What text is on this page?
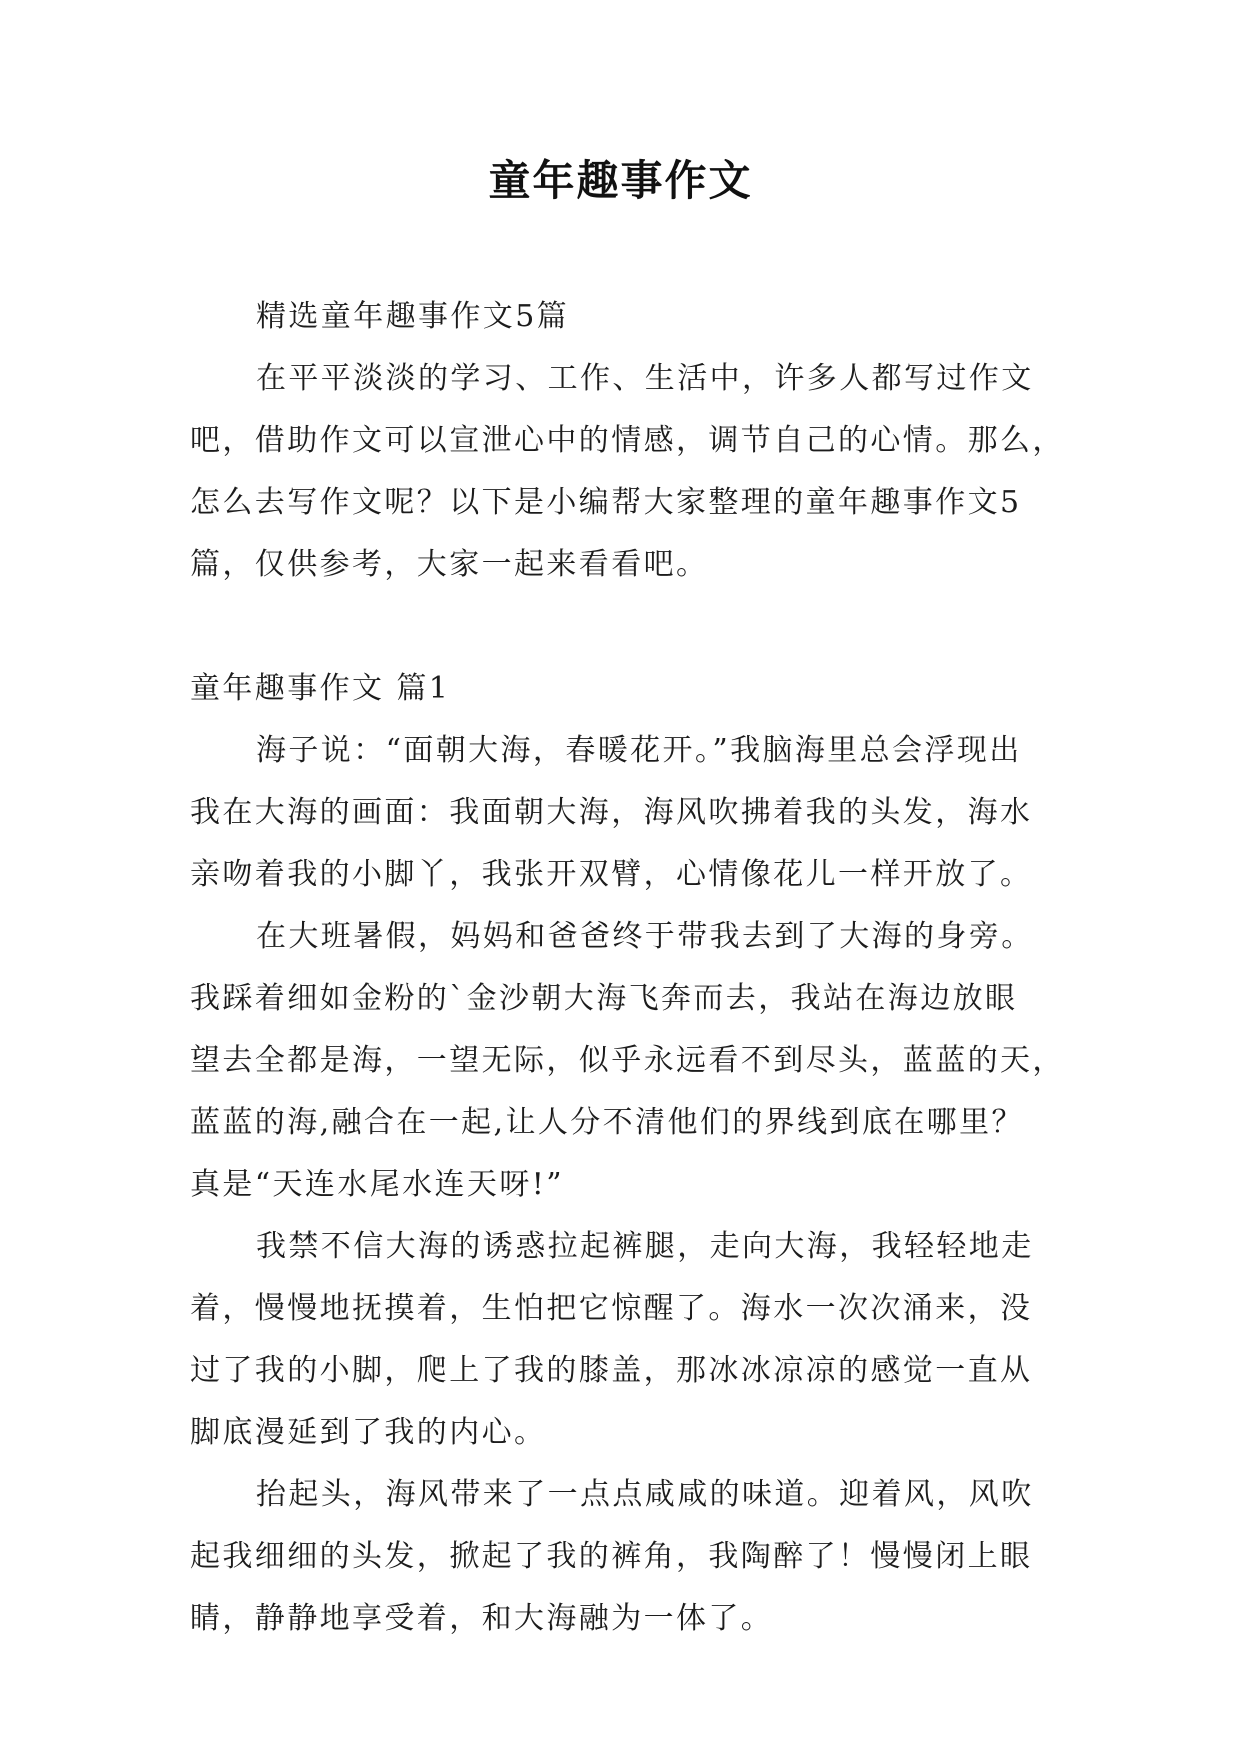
童年趣事作文
精选童年趣事作文5篇
在平平淡淡的学习、工作、生活中，许多人都写过作文
吧，借助作文可以宣泄心中的情感，调节自己的心情。那么，
怎么去写作文呢？以下是小编帮大家整理的童年趣事作文5
篇，仅供参考，大家一起来看看吧。
童年趣事作文 篇1
海子说：“面朝大海，春暖花开。”我脑海里总会浮现出
我在大海的画面：我面朝大海，海风吹拂着我的头发，海水
亲吻着我的小脚丫，我张开双臂，心情像花儿一样开放了。
在大班暑假，妈妈和爸爸终于带我去到了大海的身旁。
我踩着细如金粉的`金沙朝大海飞奔而去，我站在海边放眼
望去全都是海，一望无际，似乎永远看不到尽头，蓝蓝的天，
蓝蓝的海,融合在一起,让人分不清他们的界线到底在哪里？
真是“天连水尾水连天呀!”
我禁不信大海的诱惑拉起裤腿，走向大海，我轻轻地走
着，慢慢地抚摸着，生怕把它惊醒了。海水一次次涌来，没
过了我的小脚，爬上了我的膝盖，那冰冰凉凉的感觉一直从
脚底漫延到了我的内心。
抬起头，海风带来了一点点咸咸的味道。迎着风，风吹
起我细细的头发，掀起了我的裤角，我陶醉了！慢慢闭上眼
睛，静静地享受着，和大海融为一体了。
